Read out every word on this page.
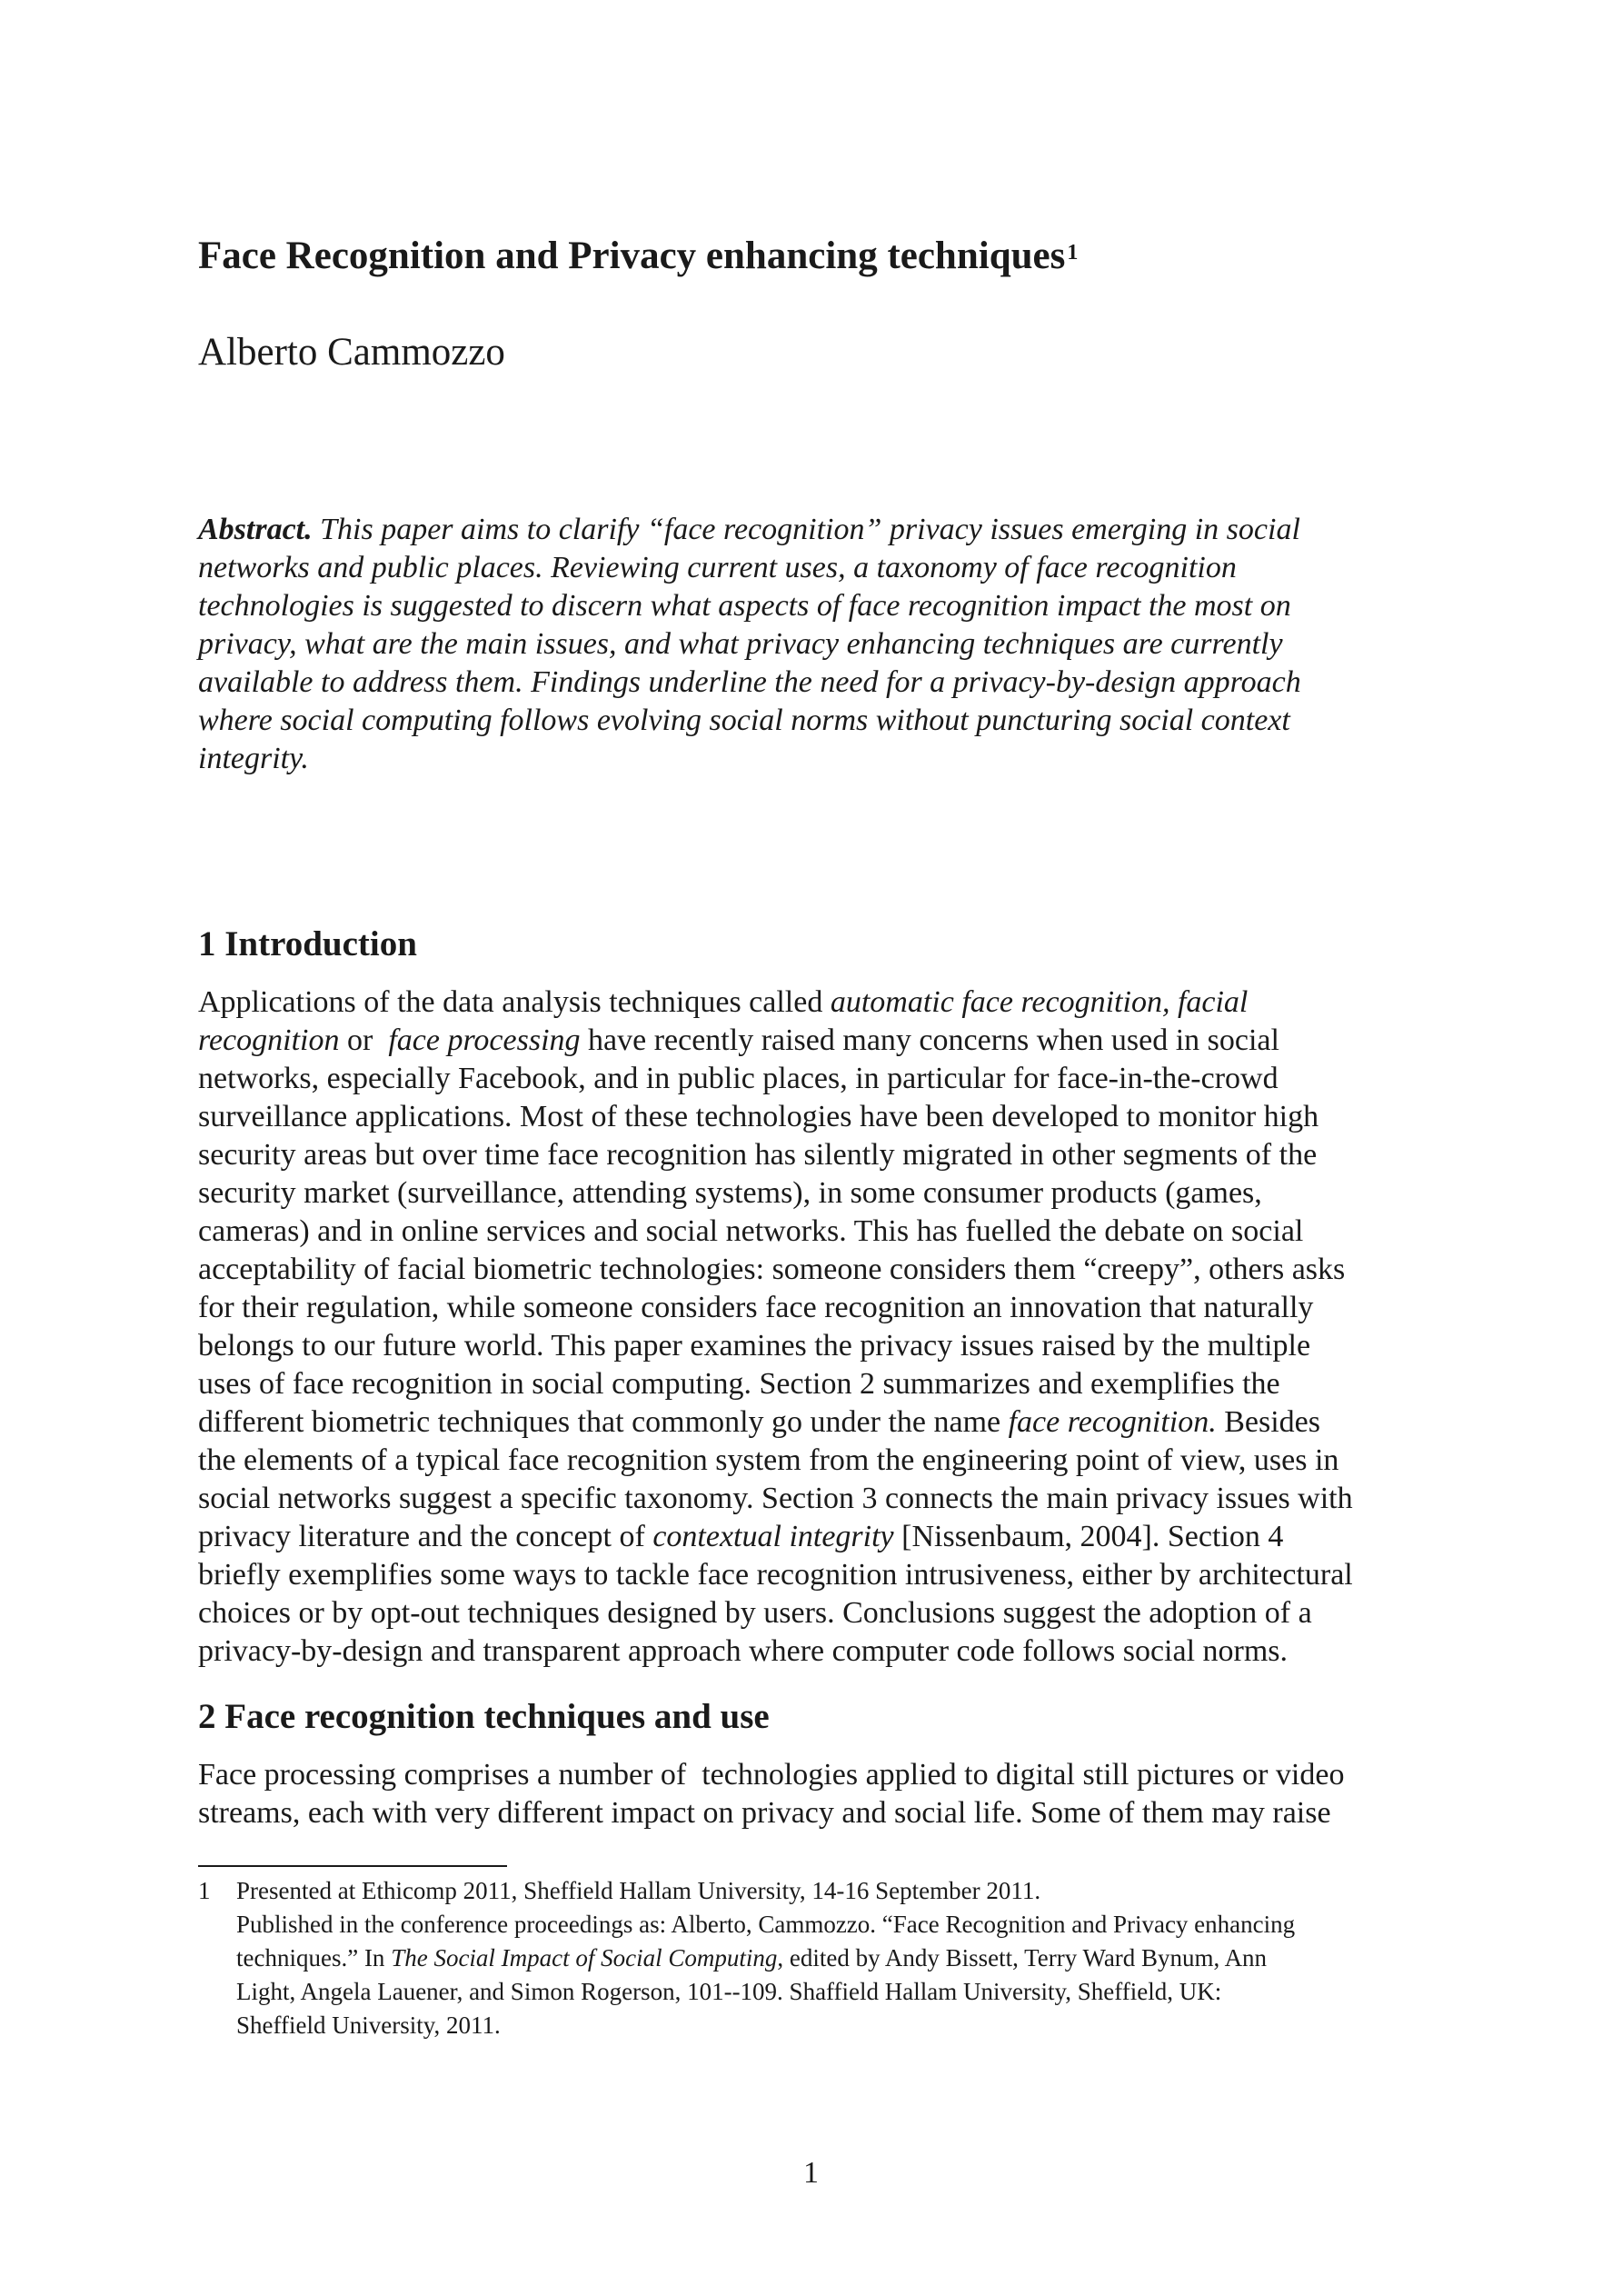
Face Recognition and Privacy enhancing techniques$^1$
Alberto Cammozzo
Abstract. This paper aims to clarify “face recognition” privacy issues emerging in social
networks and public places. Reviewing current uses, a taxonomy of face recognition
technologies is suggested to discern what aspects of face recognition impact the most on
privacy, what are the main issues, and what privacy enhancing techniques are currently
available to address them. Findings underline the need for a privacy-by-design approach
where social computing follows evolving social norms without puncturing social context
integrity.
1 Introduction
Applications of the data analysis techniques called automatic face recognition, facial
recognition or  face processing have recently raised many concerns when used in social
networks, especially Facebook, and in public places, in particular for face-in-the-crowd
surveillance applications. Most of these technologies have been developed to monitor high
security areas but over time face recognition has silently migrated in other segments of the
security market (surveillance, attending systems), in some consumer products (games,
cameras) and in online services and social networks. This has fuelled the debate on social
acceptability of facial biometric technologies: someone considers them “creepy”, others asks
for their regulation, while someone considers face recognition an innovation that naturally
belongs to our future world. This paper examines the privacy issues raised by the multiple
uses of face recognition in social computing. Section 2 summarizes and exemplifies the
different biometric techniques that commonly go under the name face recognition. Besides
the elements of a typical face recognition system from the engineering point of view, uses in
social networks suggest a specific taxonomy. Section 3 connects the main privacy issues with
privacy literature and the concept of contextual integrity [Nissenbaum, 2004]. Section 4
briefly exemplifies some ways to tackle face recognition intrusiveness, either by architectural
choices or by opt-out techniques designed by users. Conclusions suggest the adoption of a
privacy-by-design and transparent approach where computer code follows social norms.
2 Face recognition techniques and use
Face processing comprises a number of  technologies applied to digital still pictures or video
streams, each with very different impact on privacy and social life. Some of them may raise
1 Presented at Ethicomp 2011, Sheffield Hallam University, 14-16 September 2011.
Published in the conference proceedings as: Alberto, Cammozzo. “Face Recognition and Privacy enhancing
techniques.” In The Social Impact of Social Computing, edited by Andy Bissett, Terry Ward Bynum, Ann
Light, Angela Lauener, and Simon Rogerson, 101--109. Shaffield Hallam University, Sheffield, UK:
Sheffield University, 2011.
1
